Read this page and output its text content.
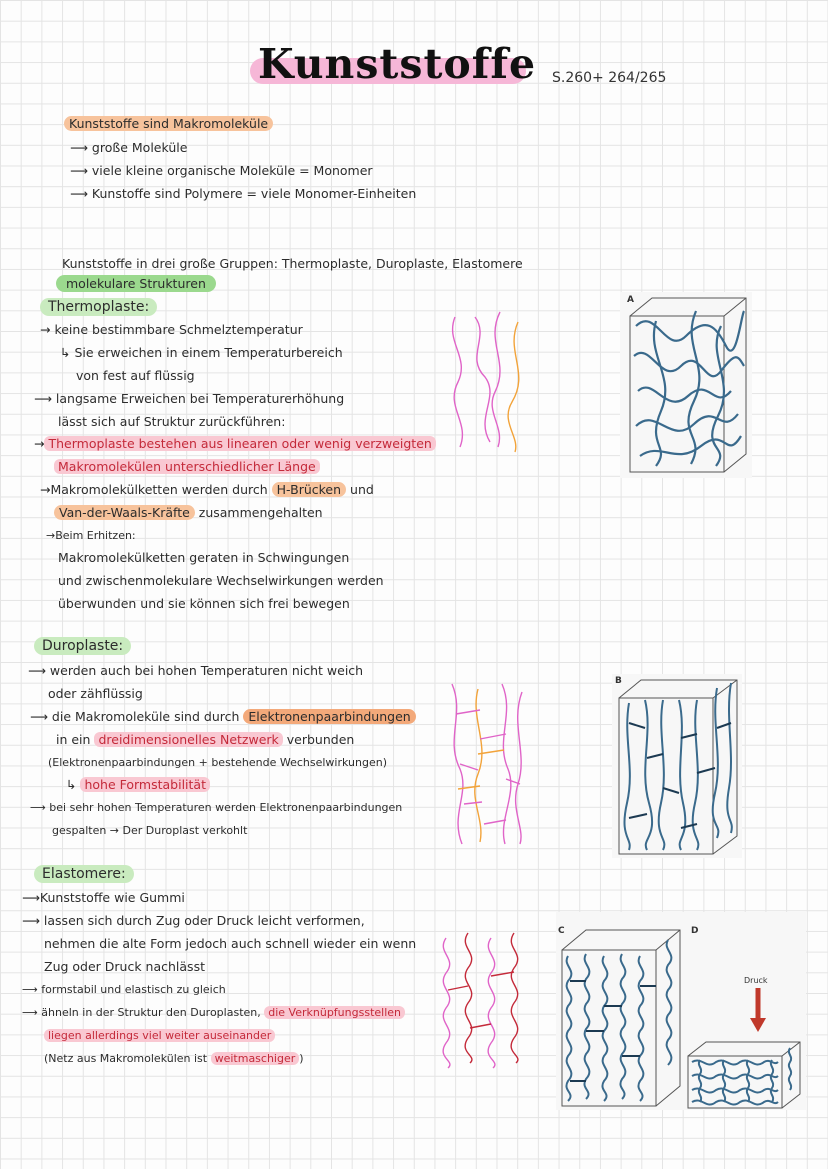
Kunststoffe S.260+ 264/265
Kunststoffe sind Makromoleküle
⟶ große Moleküle
⟶ viele kleine organische Moleküle = Monomer
⟶ Kunstoffe sind Polymere = viele Monomer-Einheiten
Kunststoffe in drei große Gruppen: Thermoplaste, Duroplaste, Elastomere
molekulare Strukturen
Thermoplaste:
→ keine bestimmbare Schmelztemperatur
↳ Sie erweichen in einem Temperaturbereich
von fest auf flüssig
⟶ langsame Erweichen bei Temperaturerhöhung
lässt sich auf Struktur zurückführen:
→ Thermoplaste bestehen aus linearen oder wenig verzweigten
Makromolekülen unterschiedlicher Länge
→Makromolekülketten werden durch H-Brücken und
Van-der-Waals-Kräfte zusammengehalten
→Beim Erhitzen:
Makromolekülketten geraten in Schwingungen
und zwischenmolekulare Wechselwirkungen werden
überwunden und sie können sich frei bewegen
Duroplaste:
⟶ werden auch bei hohen Temperaturen nicht weich
oder zähflüssig
⟶ die Makromoleküle sind durch Elektronenpaarbindungen
in ein dreidimensionelles Netzwerk verbunden
(Elektronenpaarbindungen + bestehende Wechselwirkungen)
↳ hohe Formstabilität
⟶ bei sehr hohen Temperaturen werden Elektronenpaarbindungen
gespalten → Der Duroplast verkohlt
Elastomere:
⟶Kunststoffe wie Gummi
⟶ lassen sich durch Zug oder Druck leicht verformen,
nehmen die alte Form jedoch auch schnell wieder ein wenn
Zug oder Druck nachlässt
⟶ formstabil und elastisch zu gleich
⟶ ähneln in der Struktur den Duroplasten, die Verknüpfungsstellen
liegen allerdings viel weiter auseinander
(Netz aus Makromolekülen ist weitmaschiger )
A
B
C	D
Druck
